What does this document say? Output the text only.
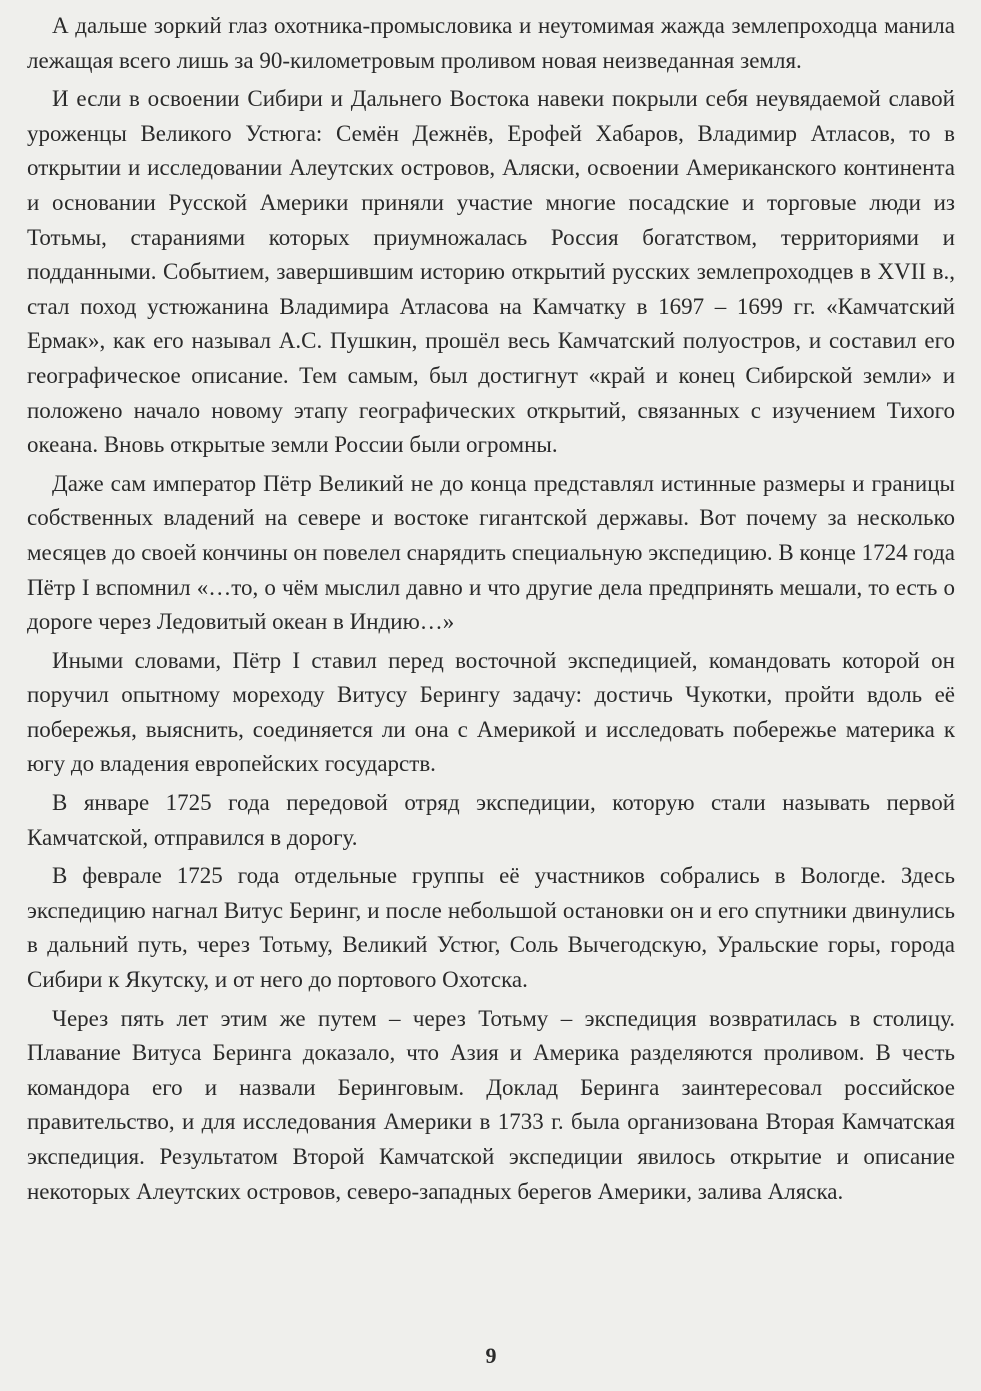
А дальше зоркий глаз охотника-промысловика и неутомимая жажда землепроходца манила лежащая всего лишь за 90-километровым проливом новая неизведанная земля.

И если в освоении Сибири и Дальнего Востока навеки покрыли себя неувядаемой славой уроженцы Великого Устюга: Семён Дежнёв, Ерофей Хабаров, Владимир Атласов, то в открытии и исследовании Алеутских островов, Аляски, освоении Американского континента и основании Русской Америки приняли участие многие посадские и торговые люди из Тотьмы, стараниями которых приумножалась Россия богатством, территориями и подданными. Событием, завершившим историю открытий русских землепроходцев в XVII в., стал поход устюжанина Владимира Атласова на Камчатку в 1697 – 1699 гг. «Камчатский Ермак», как его называл А.С. Пушкин, прошёл весь Камчатский полуостров, и составил его географическое описание. Тем самым, был достигнут «край и конец Сибирской земли» и положено начало новому этапу географических открытий, связанных с изучением Тихого океана. Вновь открытые земли России были огромны.

Даже сам император Пётр Великий не до конца представлял истинные размеры и границы собственных владений на севере и востоке гигантской державы. Вот почему за несколько месяцев до своей кончины он повелел снарядить специальную экспедицию. В конце 1724 года Пётр I вспомнил «…то, о чём мыслил давно и что другие дела предпринять мешали, то есть о дороге через Ледовитый океан в Индию…»

Иными словами, Пётр I ставил перед восточной экспедицией, командовать которой он поручил опытному мореходу Витусу Берингу задачу: достичь Чукотки, пройти вдоль её побережья, выяснить, соединяется ли она с Америкой и исследовать побережье материка к югу до владения европейских государств.

В январе 1725 года передовой отряд экспедиции, которую стали называть первой Камчатской, отправился в дорогу.

В феврале 1725 года отдельные группы её участников собрались в Вологде. Здесь экспедицию нагнал Витус Беринг, и после небольшой остановки он и его спутники двинулись в дальний путь, через Тотьму, Великий Устюг, Соль Вычегодскую, Уральские горы, города Сибири к Якутску, и от него до портового Охотска.

Через пять лет этим же путем – через Тотьму – экспедиция возвратилась в столицу. Плавание Витуса Беринга доказало, что Азия и Америка разделяются проливом. В честь командора его и назвали Беринговым. Доклад Беринга заинтересовал российское правительство, и для исследования Америки в 1733 г. была организована Вторая Камчатская экспедиция. Результатом Второй Камчатской экспедиции явилось открытие и описание некоторых Алеутских островов, северо-западных берегов Америки, залива Аляска.

9
